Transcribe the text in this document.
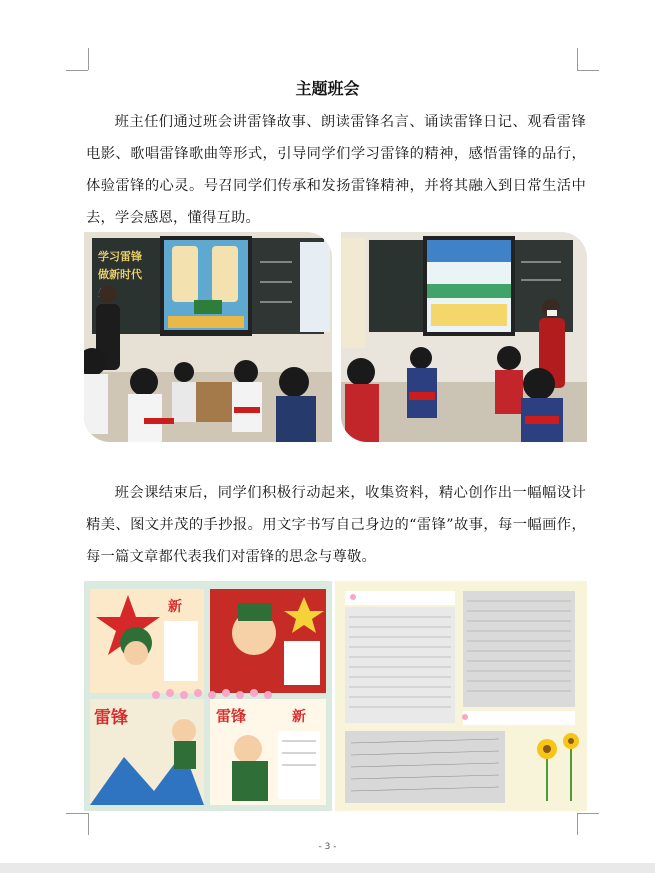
主题班会
班主任们通过班会讲雷锋故事、朗读雷锋名言、诵读雷锋日记、观看雷锋电影、歌唱雷锋歌曲等形式，引导同学们学习雷锋的精神，感悟雷锋的品行，体验雷锋的心灵。号召同学们传承和发扬雷锋精神，并将其融入到日常生活中去，学会感恩，懂得互助。
学习雷锋
做新时代
班会课结束后，同学们积极行动起来，收集资料，精心创作出一幅幅设计精美、图文并茂的手抄报。用文字书写自己身边的“雷锋”故事，每一幅画作，每一篇文章都代表我们对雷锋的思念与尊敬。
新
雷锋	雷锋	新
- 3 -
